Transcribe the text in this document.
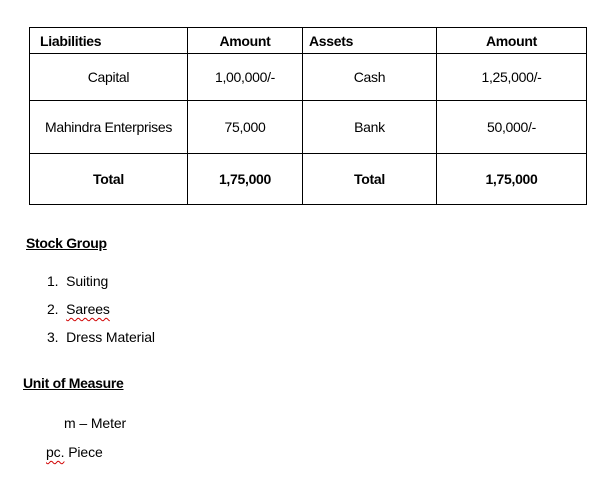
Liabilities	Amount	Assets	Amount
Capital	1,00,000/-	Cash	1,25,000/-
Mahindra Enterprises	75,000	Bank	50,000/-
Total	1,75,000	Total	1,75,000
Stock Group
1. Suiting
2. Sarees
3. Dress Material
Unit of Measure
m – Meter
pc. Piece
